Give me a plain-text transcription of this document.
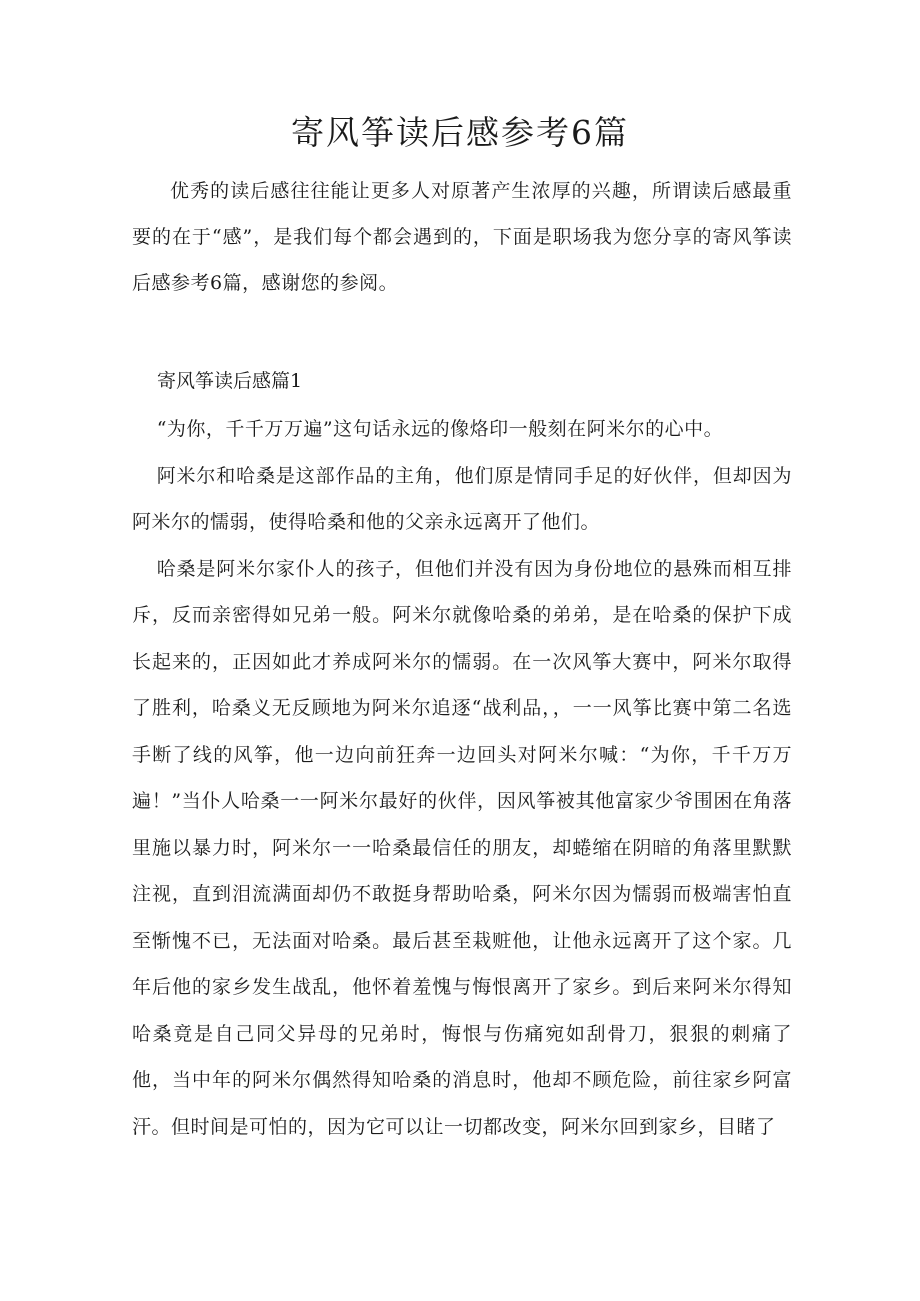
寄风筝读后感参考6篇

优秀的读后感往往能让更多人对原著产生浓厚的兴趣，所谓读后感最重要的在于“感”，是我们每个都会遇到的，下面是职场我为您分享的寄风筝读后感参考6篇，感谢您的参阅。

寄风筝读后感篇1

“为你，千千万万遍”这句话永远的像烙印一般刻在阿米尔的心中。

阿米尔和哈桑是这部作品的主角，他们原是情同手足的好伙伴，但却因为阿米尔的懦弱，使得哈桑和他的父亲永远离开了他们。

哈桑是阿米尔家仆人的孩子，但他们并没有因为身份地位的悬殊而相互排斥，反而亲密得如兄弟一般。阿米尔就像哈桑的弟弟，是在哈桑的保护下成长起来的，正因如此才养成阿米尔的懦弱。在一次风筝大赛中，阿米尔取得了胜利，哈桑义无反顾地为阿米尔追逐“战利品，，一一风筝比赛中第二名选手断了线的风筝，他一边向前狂奔一边回头对阿米尔喊：“为你，千千万万遍！”当仆人哈桑一一阿米尔最好的伙伴，因风筝被其他富家少爷围困在角落里施以暴力时，阿米尔一一哈桑最信任的朋友，却蜷缩在阴暗的角落里默默注视，直到泪流满面却仍不敢挺身帮助哈桑，阿米尔因为懦弱而极端害怕直至惭愧不已，无法面对哈桑。最后甚至栽赃他，让他永远离开了这个家。几年后他的家乡发生战乱，他怀着羞愧与悔恨离开了家乡。到后来阿米尔得知哈桑竟是自己同父异母的兄弟时，悔恨与伤痛宛如刮骨刀，狠狠的刺痛了他，当中年的阿米尔偶然得知哈桑的消息时，他却不顾危险，前往家乡阿富汗。但时间是可怕的，因为它可以让一切都改变，阿米尔回到家乡，目睹了
